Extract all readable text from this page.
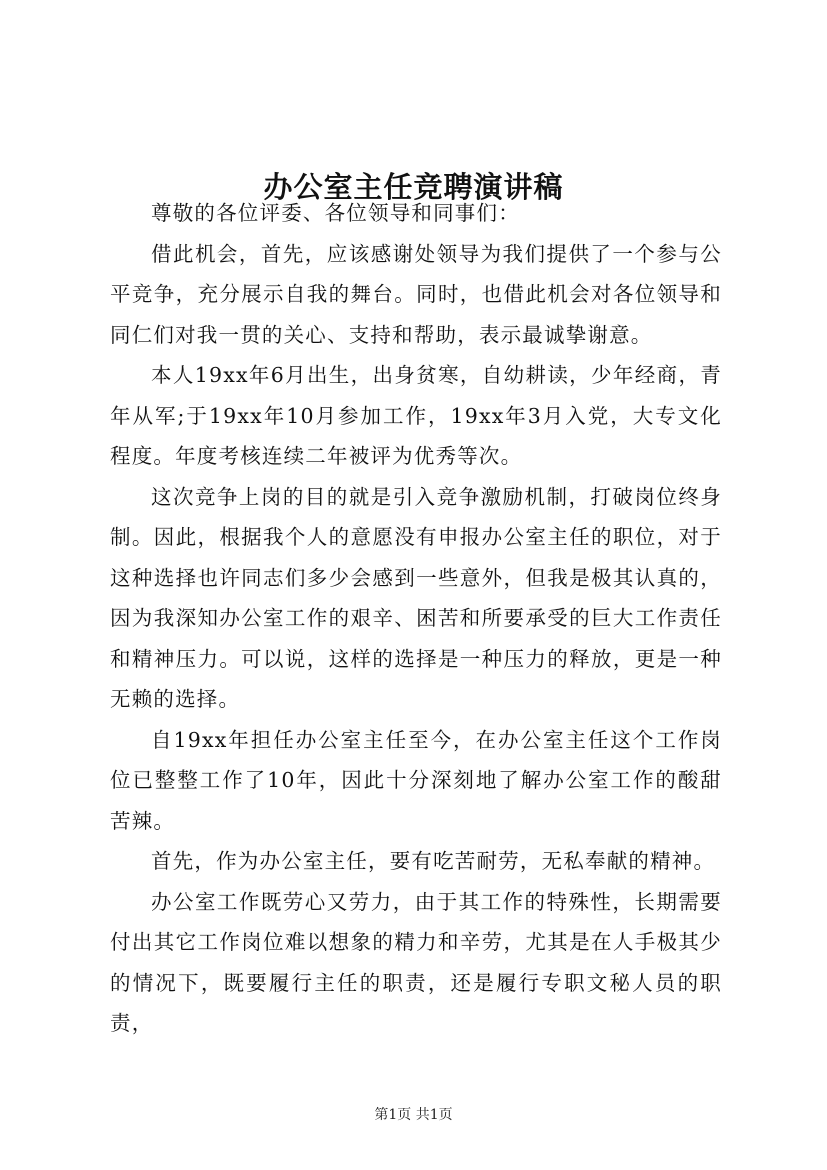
办公室主任竞聘演讲稿

尊敬的各位评委、各位领导和同事们：

借此机会，首先，应该感谢处领导为我们提供了一个参与公平竞争，充分展示自我的舞台。同时，也借此机会对各位领导和同仁们对我一贯的关心、支持和帮助，表示最诚挚谢意。

本人19xx年6月出生，出身贫寒，自幼耕读，少年经商，青年从军;于19xx年10月参加工作，19xx年3月入党，大专文化程度。年度考核连续二年被评为优秀等次。

这次竞争上岗的目的就是引入竞争激励机制，打破岗位终身制。因此，根据我个人的意愿没有申报办公室主任的职位，对于这种选择也许同志们多少会感到一些意外，但我是极其认真的，因为我深知办公室工作的艰辛、困苦和所要承受的巨大工作责任和精神压力。可以说，这样的选择是一种压力的释放，更是一种无赖的选择。

自19xx年担任办公室主任至今，在办公室主任这个工作岗位已整整工作了10年，因此十分深刻地了解办公室工作的酸甜苦辣。

首先，作为办公室主任，要有吃苦耐劳，无私奉献的精神。

办公室工作既劳心又劳力，由于其工作的特殊性，长期需要付出其它工作岗位难以想象的精力和辛劳，尤其是在人手极其少的情况下，既要履行主任的职责，还是履行专职文秘人员的职责，

第1页 共1页
